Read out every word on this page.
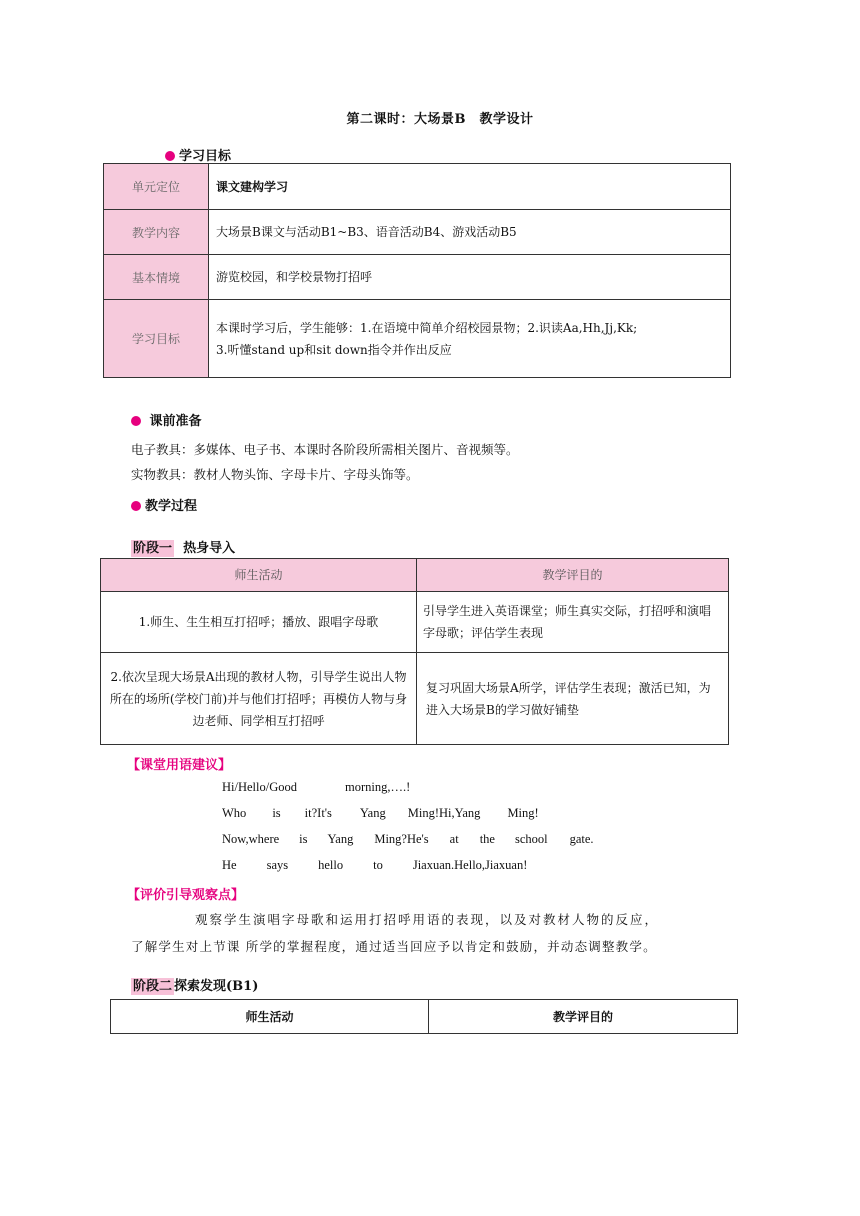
第二课时：大场景B　教学设计
学习目标
单元定位	课文建构学习
教学内容	大场景B课文与活动B1~B3、语音活动B4、游戏活动B5
基本情境	游览校园，和学校景物打招呼
学习目标	本课时学习后，学生能够：1.在语境中简单介绍校园景物；2.识读Aa,Hh,Jj,Kk;
3.听懂stand up和sit down指令并作出反应
课前准备
电子教具：多媒体、电子书、本课时各阶段所需相关图片、音视频等。
实物教具：教材人物头饰、字母卡片、字母头饰等。
教学过程
阶段一 热身导入
师生活动	教学评目的
1.师生、生生相互打招呼；播放、跟唱字母歌	引导学生进入英语课堂；师生真实交际，打招呼和演唱字母歌；评估学生表现
2.依次呈现大场景A出现的教材人物，引导学生说出人物所在的场所(学校门前)并与他们打招呼；再模仿人物与身边老师、同学相互打招呼	复习巩固大场景A所学，评估学生表现；激活已知，为进入大场景B的学习做好铺垫
【课堂用语建议】
Hi/Hello/Good	morning,….!
Who is it?It's Yang Ming!Hi,Yang Ming!
Now,where is Yang Ming?He's at the school gate.
He says hello to Jiaxuan.Hello,Jiaxuan!
【评价引导观察点】
观察学生演唱字母歌和运用打招呼用语的表现，以及对教材人物的反应，
了解学生对上节课 所学的掌握程度，通过适当回应予以肯定和鼓励，并动态调整教学。
阶段二 探索发现(B1)
师生活动	教学评目的
